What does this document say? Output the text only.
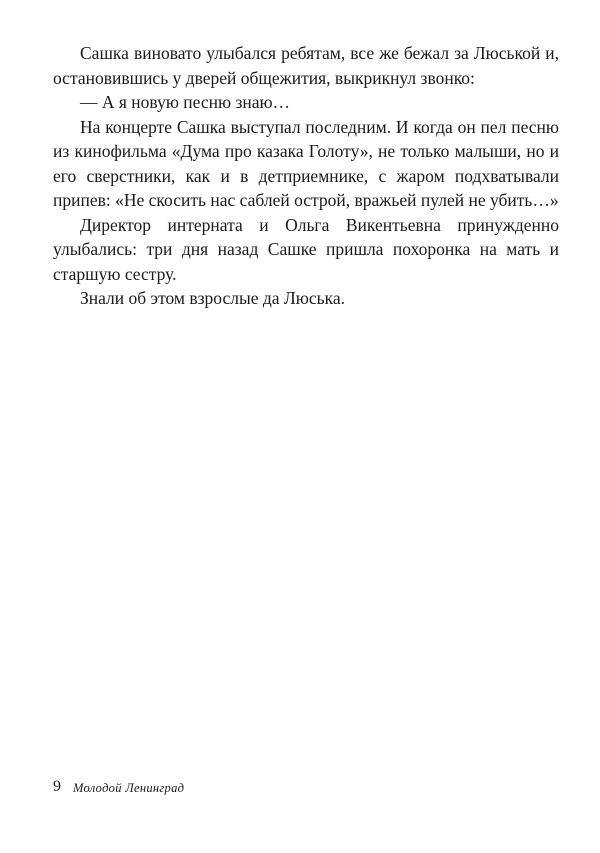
Сашка виновато улыбался ребятам, все же бежал за Люськой и, остановившись у дверей общежития, выкрикнул звонко:

— А я новую песню знаю…

На концерте Сашка выступал последним. И когда он пел песню из кинофильма «Дума про казака Голоту», не только малыши, но и его сверстники, как и в детприемнике, с жаром подхватывали припев: «Не скосить нас саблей острой, вражьей пулей не убить…»

Директор интерната и Ольга Викентьевна принужденно улыбались: три дня назад Сашке пришла похоронка на мать и старшую сестру.

Знали об этом взрослые да Люська.

9 Молодой Ленинград
